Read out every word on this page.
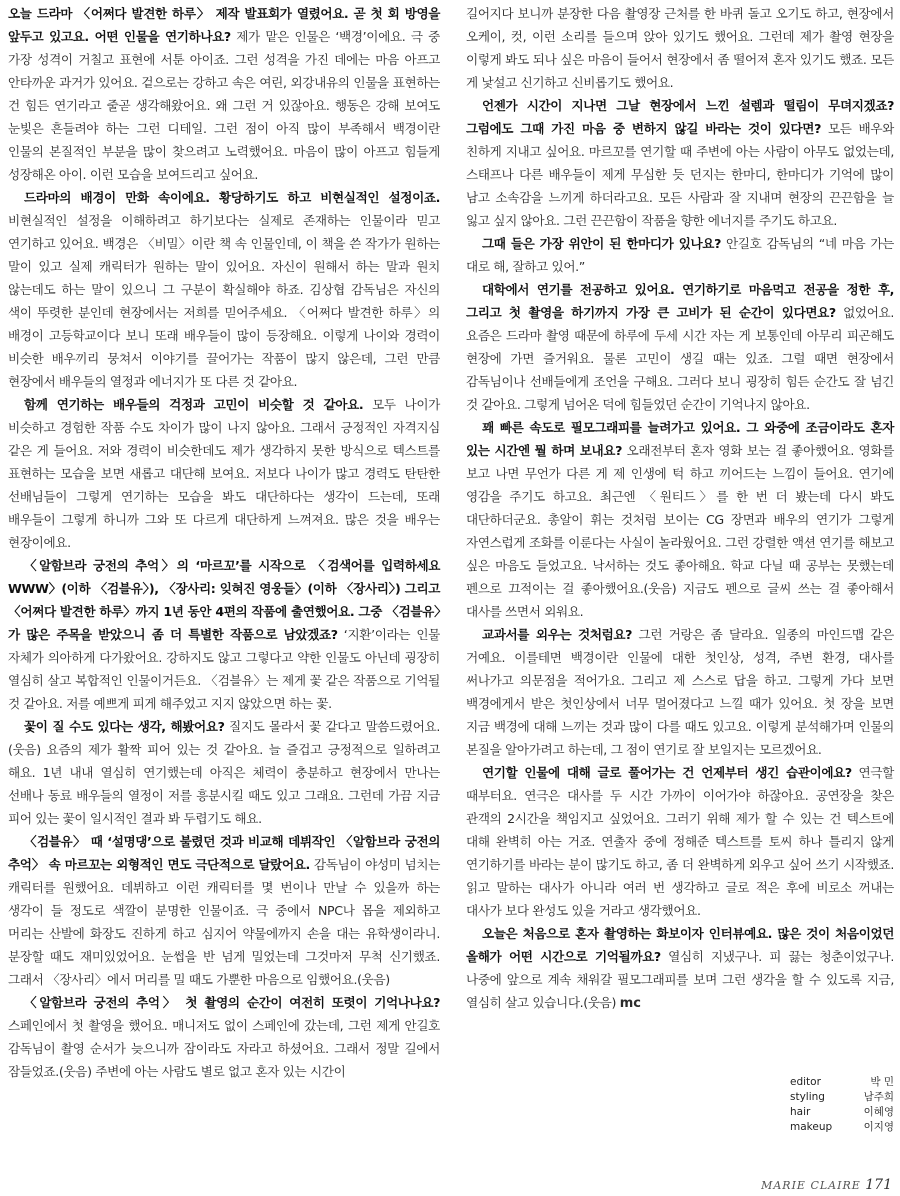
오늘 드라마 〈어쩌다 발견한 하루〉 제작 발표회가 열렸어요. 곧 첫 회 방영을 앞두고 있고요. 어떤 인물을 연기하나요? 제가 맡은 인물은 ‘백경’이에요. 극 중 가장 성격이 거칠고 표현에 서툰 아이죠. 그런 성격을 가진 데에는 마음 아프고 안타까운 과거가 있어요. 겉으로는 강하고 속은 여린, 외강내유의 인물을 표현하는 건 힘든 연기라고 줄곧 생각해왔어요. 왜 그런 거 있잖아요. 행동은 강해 보여도 눈빛은 흔들려야 하는 그런 디테일. 그런 점이 아직 많이 부족해서 백경이란 인물의 본질적인 부분을 많이 찾으려고 노력했어요. 마음이 많이 아프고 힘들게 성장해온 아이. 이런 모습을 보여드리고 싶어요.

드라마의 배경이 만화 속이에요. 황당하기도 하고 비현실적인 설정이죠. 비현실적인 설정을 이해하려고 하기보다는 실제로 존재하는 인물이라 믿고 연기하고 있어요. 백경은 〈비밀〉이란 책 속 인물인데, 이 책을 쓴 작가가 원하는 말이 있고 실제 캐릭터가 원하는 말이 있어요. 자신이 원해서 하는 말과 원치 않는데도 하는 말이 있으니 그 구분이 확실해야 하죠. 김상협 감독님은 자신의 색이 뚜렷한 분인데 현장에서는 저희를 믿어주세요. 〈어쩌다 발견한 하루〉의 배경이 고등학교이다 보니 또래 배우들이 많이 등장해요. 이렇게 나이와 경력이 비슷한 배우끼리 뭉쳐서 이야기를 끌어가는 작품이 많지 않은데, 그런 만큼 현장에서 배우들의 열정과 에너지가 또 다른 것 같아요.

함께 연기하는 배우들의 걱정과 고민이 비슷할 것 같아요. 모두 나이가 비슷하고 경험한 작품 수도 차이가 많이 나지 않아요. 그래서 긍정적인 자격지심 같은 게 들어요. 저와 경력이 비슷한데도 제가 생각하지 못한 방식으로 텍스트를 표현하는 모습을 보면 새롭고 대단해 보여요. 저보다 나이가 많고 경력도 탄탄한 선배님들이 그렇게 연기하는 모습을 봐도 대단하다는 생각이 드는데, 또래 배우들이 그렇게 하니까 그와 또 다르게 대단하게 느껴져요. 많은 것을 배우는 현장이에요.

〈알함브라 궁전의 추억〉의 ‘마르꼬’를 시작으로 〈검색어를 입력하세요 WWW〉(이하 〈검블유〉), 〈장사리: 잊혀진 영웅들〉(이하 〈장사리〉) 그리고 〈어쩌다 발견한 하루〉까지 1년 동안 4편의 작품에 출연했어요. 그중 〈검블유〉가 많은 주목을 받았으니 좀 더 특별한 작품으로 남았겠죠? ‘지환’이라는 인물 자체가 의아하게 다가왔어요. 강하지도 않고 그렇다고 약한 인물도 아닌데 굉장히 열심히 살고 복합적인 인물이거든요. 〈검블유〉는 제게 꽃 같은 작품으로 기억될 것 같아요. 저를 예쁘게 피게 해주었고 지지 않았으면 하는 꽃.

꽃이 질 수도 있다는 생각, 해봤어요? 질지도 몰라서 꽃 같다고 말씀드렸어요.(웃음) 요즘의 제가 활짝 피어 있는 것 같아요. 늘 즐겁고 긍정적으로 일하려고 해요. 1년 내내 열심히 연기했는데 아직은 체력이 충분하고 현장에서 만나는 선배나 동료 배우들의 열정이 저를 흥분시킬 때도 있고 그래요. 그런데 가끔 지금 피어 있는 꽃이 일시적인 결과 봐 두렵기도 해요.

〈검블유〉 때 ‘설명댕’으로 불렸던 것과 비교해 데뷔작인 〈알함브라 궁전의 추억〉 속 마르꼬는 외형적인 면도 극단적으로 달랐어요. 감독님이 야성미 넘치는 캐릭터를 원했어요. 데뷔하고 이런 캐릭터를 몇 번이나 만날 수 있을까 하는 생각이 들 정도로 색깔이 분명한 인물이죠. 극 중에서 NPC나 몹을 제외하고 머리는 산발에 화장도 진하게 하고 심지어 약물에까지 손을 대는 유학생이라니. 분장할 때도 재미있었어요. 눈썹을 반 넘게 밀었는데 그것마저 무척 신기했죠. 그래서 〈장사리〉에서 머리를 밀 때도 가뿐한 마음으로 임했어요.(웃음)

〈알함브라 궁전의 추억〉 첫 촬영의 순간이 여전히 또렷이 기억나나요? 스페인에서 첫 촬영을 했어요. 매니저도 없이 스페인에 갔는데, 그런 제게 안길호 감독님이 촬영 순서가 늦으니까 잠이라도 자라고 하셨어요. 그래서 정말 길에서 잠들었죠.(웃음) 주변에 아는 사람도 별로 없고 혼자 있는 시간이

길어지다 보니까 분장한 다음 촬영장 근처를 한 바퀴 돌고 오기도 하고, 현장에서 오케이, 컷, 이런 소리를 들으며 앉아 있기도 했어요. 그런데 제가 촬영 현장을 이렇게 봐도 되나 싶은 마음이 들어서 현장에서 좀 떨어져 혼자 있기도 했죠. 모든 게 낯설고 신기하고 신비롭기도 했어요.

언젠가 시간이 지나면 그날 현장에서 느낀 설렘과 떨림이 무뎌지겠죠? 그럼에도 그때 가진 마음 중 변하지 않길 바라는 것이 있다면? 모든 배우와 친하게 지내고 싶어요. 마르꼬를 연기할 때 주변에 아는 사람이 아무도 없었는데, 스태프나 다른 배우들이 제게 무심한 듯 던지는 한마디, 한마디가 기억에 많이 남고 소속감을 느끼게 하더라고요. 모든 사람과 잘 지내며 현장의 끈끈함을 늘 잃고 싶지 않아요. 그런 끈끈함이 작품을 향한 에너지를 주기도 하고요.

그때 들은 가장 위안이 된 한마디가 있나요? 안길호 감독님의 “네 마음 가는 대로 해, 잘하고 있어.”

대학에서 연기를 전공하고 있어요. 연기하기로 마음먹고 전공을 정한 후, 그리고 첫 촬영을 하기까지 가장 큰 고비가 된 순간이 있다면요? 없었어요. 요즘은 드라마 촬영 때문에 하루에 두세 시간 자는 게 보통인데 아무리 피곤해도 현장에 가면 즐거워요. 물론 고민이 생길 때는 있죠. 그럴 때면 현장에서 감독님이나 선배들에게 조언을 구해요. 그러다 보니 굉장히 힘든 순간도 잘 넘긴 것 같아요. 그렇게 넘어온 덕에 힘들었던 순간이 기억나지 않아요.

꽤 빠른 속도로 필모그래피를 늘려가고 있어요. 그 와중에 조금이라도 혼자 있는 시간엔 뭘 하며 보내요? 오래전부터 혼자 영화 보는 걸 좋아했어요. 영화를 보고 나면 무언가 다른 게 제 인생에 턱 하고 끼어드는 느낌이 들어요. 연기에 영감을 주기도 하고요. 최근엔 〈원티드〉를 한 번 더 봤는데 다시 봐도 대단하더군요. 총알이 휘는 것처럼 보이는 CG 장면과 배우의 연기가 그렇게 자연스럽게 조화를 이룬다는 사실이 놀라웠어요. 그런 강렬한 액션 연기를 해보고 싶은 마음도 들었고요. 낙서하는 것도 좋아해요. 학교 다닐 때 공부는 못했는데 펜으로 끄적이는 걸 좋아했어요.(웃음) 지금도 펜으로 글씨 쓰는 걸 좋아해서 대사를 쓰면서 외워요.

교과서를 외우는 것처럼요? 그런 거랑은 좀 달라요. 일종의 마인드맵 같은 거예요. 이를테면 백경이란 인물에 대한 첫인상, 성격, 주변 환경, 대사를 써나가고 의문점을 적어가요. 그리고 제 스스로 답을 하고. 그렇게 가다 보면 백경에게서 받은 첫인상에서 너무 멀어졌다고 느낄 때가 있어요. 첫 장을 보면 지금 백경에 대해 느끼는 것과 많이 다를 때도 있고요. 이렇게 분석해가며 인물의 본질을 알아가려고 하는데, 그 점이 연기로 잘 보일지는 모르겠어요.

연기할 인물에 대해 글로 풀어가는 건 언제부터 생긴 습관이에요? 연극할 때부터요. 연극은 대사를 두 시간 가까이 이어가야 하잖아요. 공연장을 찾은 관객의 2시간을 책임지고 싶었어요. 그러기 위해 제가 할 수 있는 건 텍스트에 대해 완벽히 아는 거죠. 연출자 중에 정해준 텍스트를 토씨 하나 틀리지 않게 연기하기를 바라는 분이 많기도 하고, 좀 더 완벽하게 외우고 싶어 쓰기 시작했죠. 읽고 말하는 대사가 아니라 여러 번 생각하고 글로 적은 후에 비로소 꺼내는 대사가 보다 완성도 있을 거라고 생각했어요.

오늘은 처음으로 혼자 촬영하는 화보이자 인터뷰예요. 많은 것이 처음이었던 올해가 어떤 시간으로 기억될까요? 열심히 지냈구나. 피 끓는 청춘이었구나. 나중에 앞으로 계속 채워갈 필모그래피를 보며 그런 생각을 할 수 있도록 지금, 열심히 살고 있습니다.(웃음) mc

editor	박 민
styling	남주희
hair	이혜영
makeup	이지영
MARIE CLAIRE 171
